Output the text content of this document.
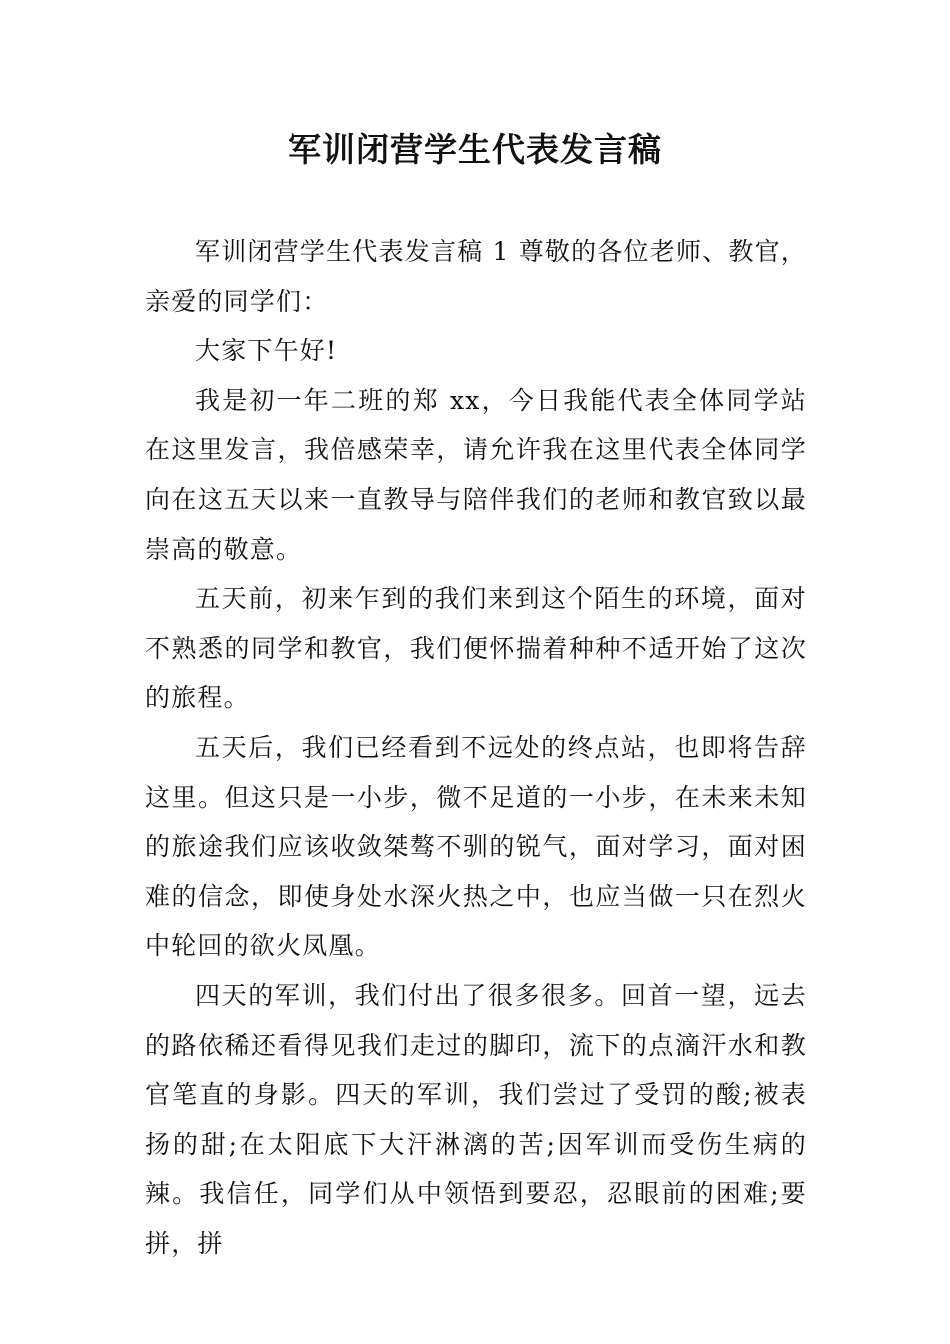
军训闭营学生代表发言稿

军训闭营学生代表发言稿 1 尊敬的各位老师、教官，亲爱的同学们：

大家下午好!

我是初一年二班的郑 xx，今日我能代表全体同学站在这里发言，我倍感荣幸，请允许我在这里代表全体同学向在这五天以来一直教导与陪伴我们的老师和教官致以最崇高的敬意。

五天前，初来乍到的我们来到这个陌生的环境，面对不熟悉的同学和教官，我们便怀揣着种种不适开始了这次的旅程。

五天后，我们已经看到不远处的终点站，也即将告辞这里。但这只是一小步，微不足道的一小步，在未来未知的旅途我们应该收敛桀骜不驯的锐气，面对学习，面对困难的信念，即使身处水深火热之中，也应当做一只在烈火中轮回的欲火凤凰。

四天的军训，我们付出了很多很多。回首一望，远去的路依稀还看得见我们走过的脚印，流下的点滴汗水和教官笔直的身影。四天的军训，我们尝过了受罚的酸;被表扬的甜;在太阳底下大汗淋漓的苦;因军训而受伤生病的辣。我信任，同学们从中领悟到要忍，忍眼前的困难;要拼，拼
